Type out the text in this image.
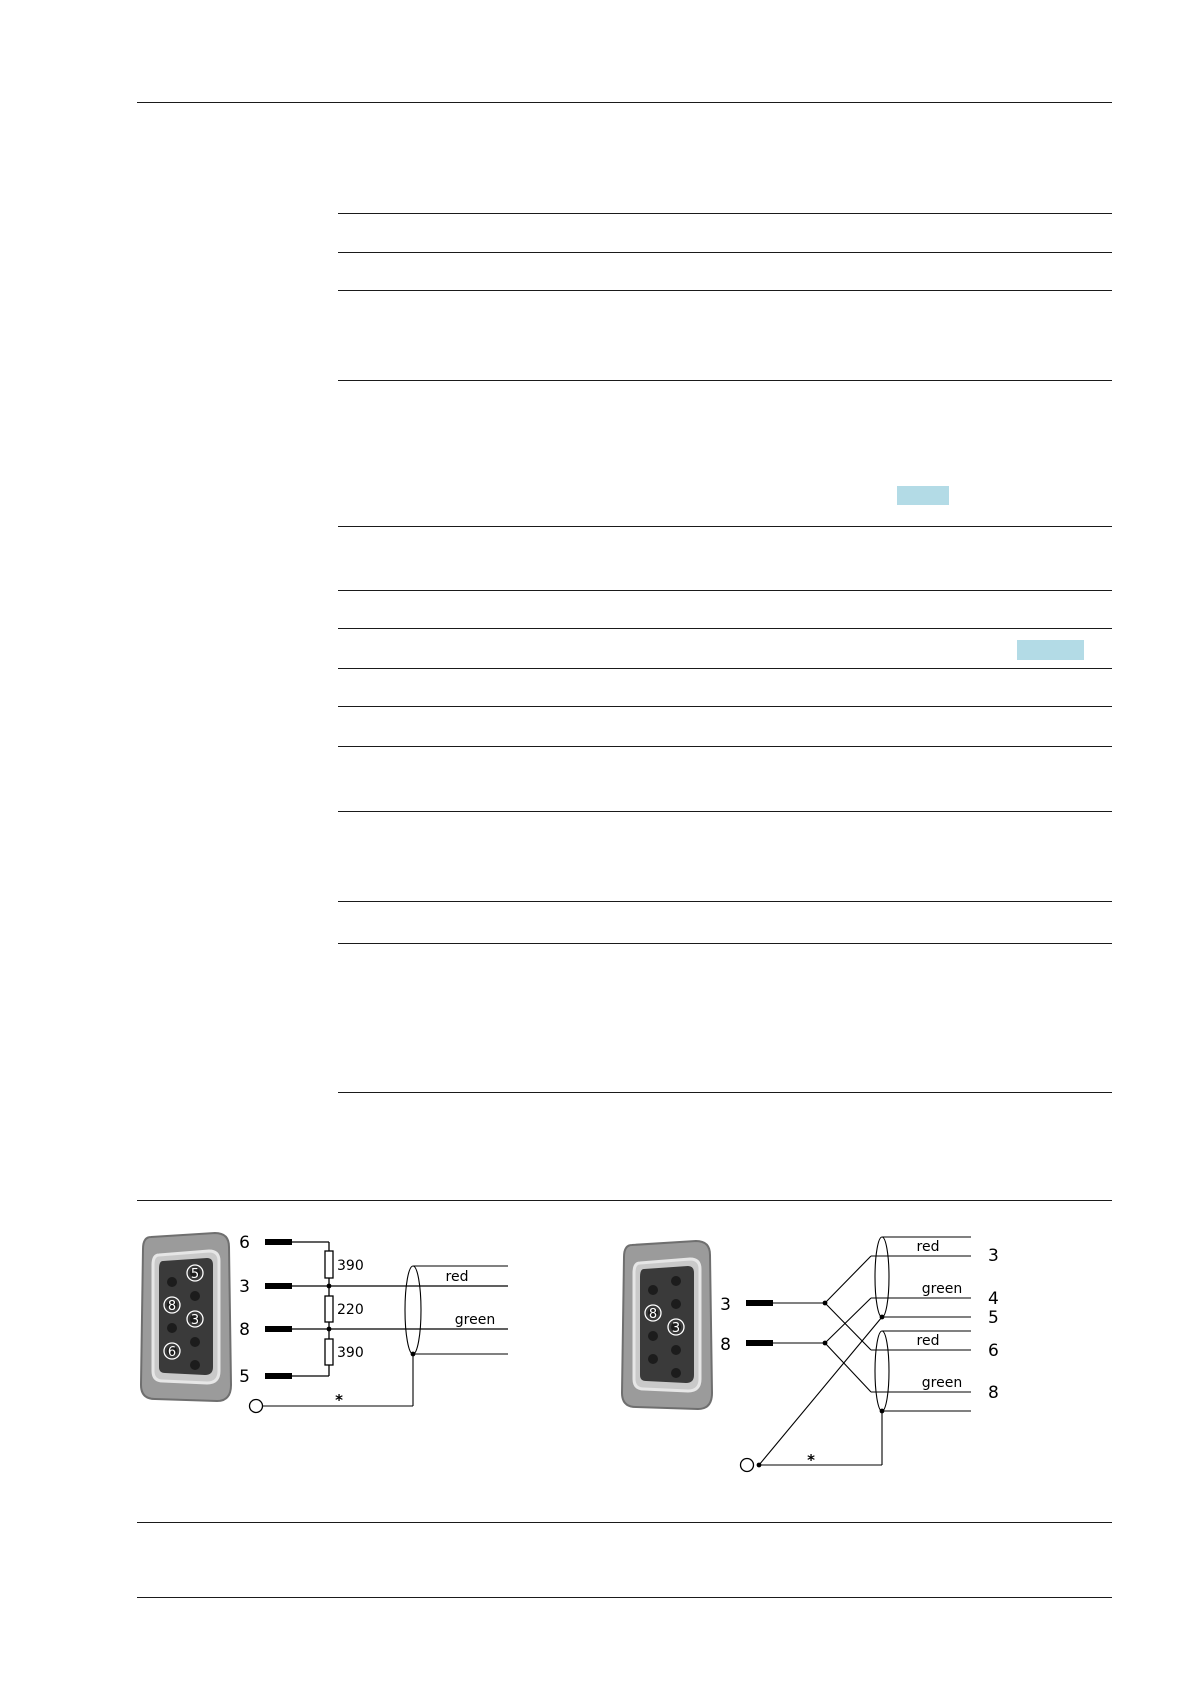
5
8
3
6
6
3
8
5
390
220
390
red
green
*
8
3
3
8
red
green
red
green
3
4
5
6
8
*
